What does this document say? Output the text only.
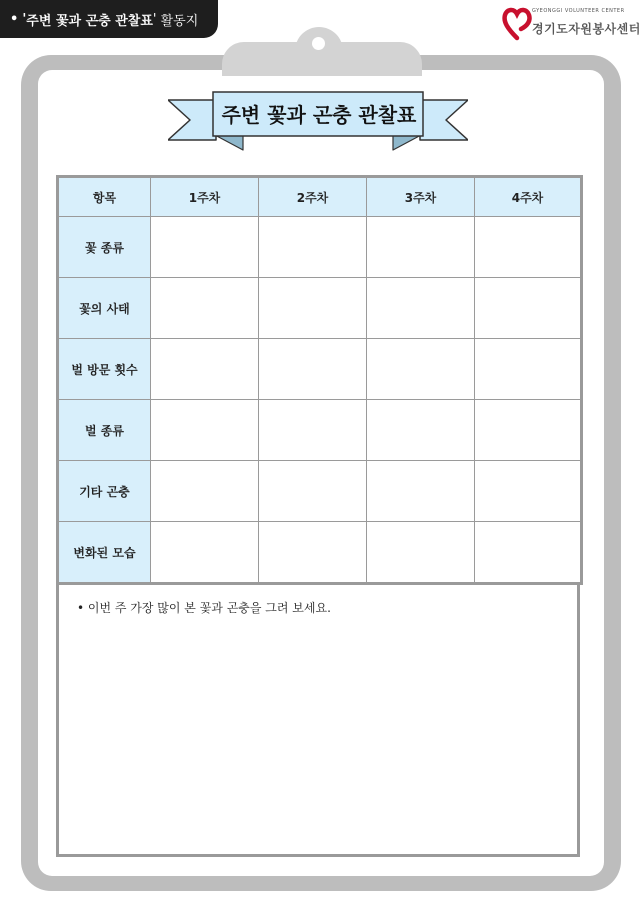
• ' 주변 꽃과 곤충 관찰표 ' 활동지
GYEONGGI VOLUNTEER CENTER
경기도자원봉사센터
주변 꽃과 곤충 관찰표
항목	1주차	2주차	3주차	4주차
꽃 종류				
꽃의 사태				
벌 방문 횟수				
벌 종류				
기타 곤충				
변화된 모습				
• 이번 주 가장 많이 본 꽃과 곤충을 그려 보세요.
